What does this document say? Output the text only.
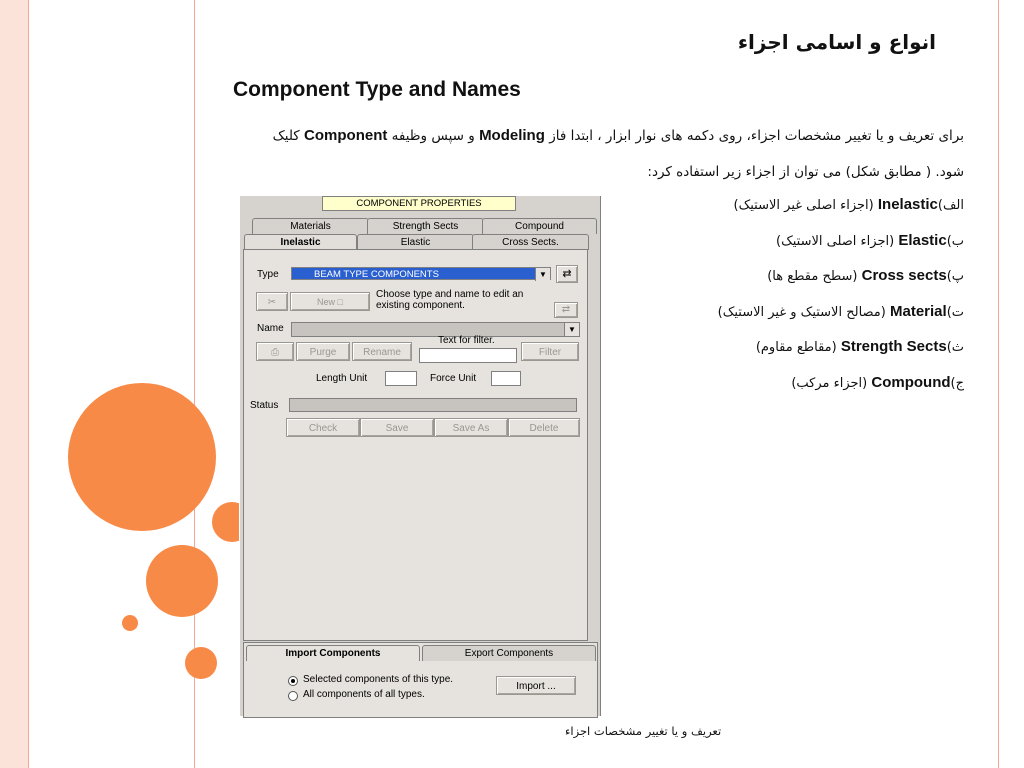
انواع و اسامی اجزاء
Component Type and Names
برای تعریف و یا تغییر مشخصات اجزاء، روی دکمه های نوار ابزار ، ابتدا فاز Modeling و سپس وظیفه Component کلیک
شود. ( مطابق شکل) می توان از اجزاء زیر استفاده کرد:
الف)Inelastic (اجزاء اصلی غیر الاستیک)
ب)Elastic (اجزاء اصلی الاستیک)
پ)Cross sects (سطح مقطع ها)
ت)Material (مصالح الاستیک و غیر الاستیک)
ث)Strength Sects (مقاطع مقاوم)
ج)Compound (اجزاء مرکب)
تعریف و یا تغییر مشخصات اجزاء
COMPONENT PROPERTIES
Materials	Strength Sects	Compound
Inelastic	Elastic	Cross Sects.
Type	BEAM TYPE COMPONENTS	▼	⇄
✂	New □
Choose type and name to edit an existing component.	⇄
Name	▼
⎙	Purge	Rename
Text for filter.
Filter
Length Unit	Force Unit
Check	Save	Save As	Delete
Status
Import Components	Export Components
Selected components of this type.
All components of all types.
Import ...
